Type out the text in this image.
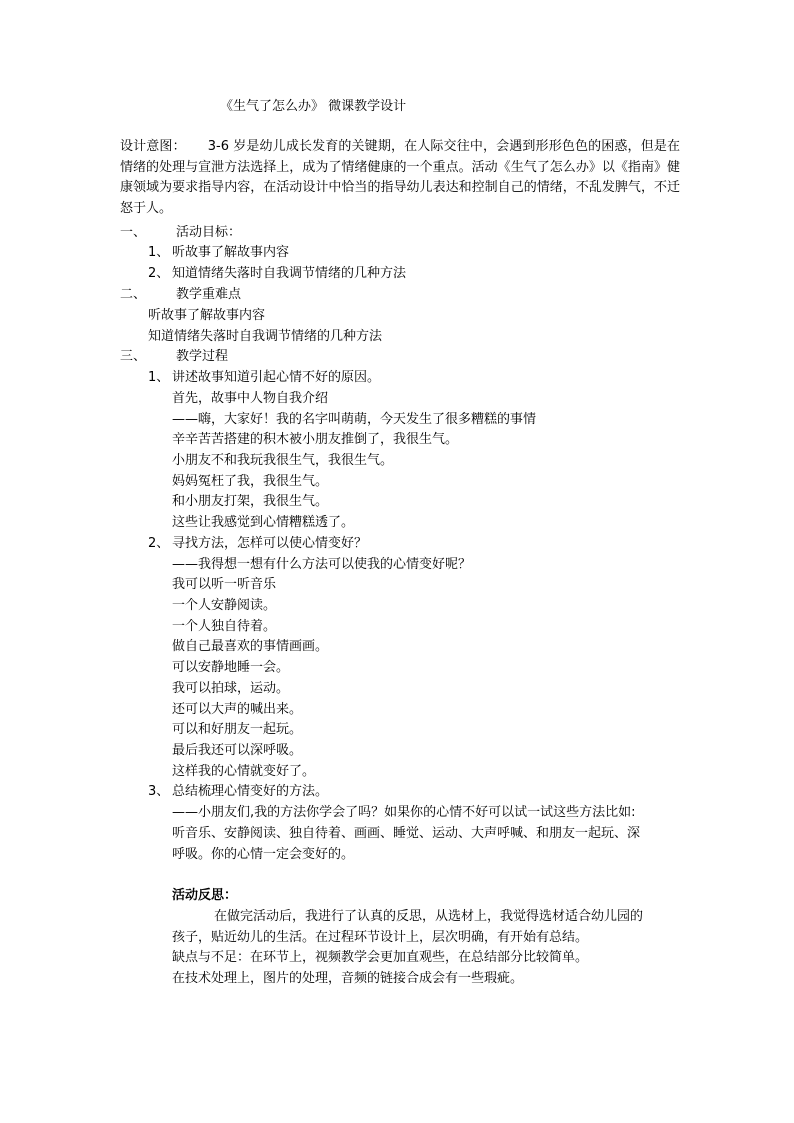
《生气了怎么办》 微课教学设计
设计意图： 3-6 岁是幼儿成长发育的关键期，在人际交往中，会遇到形形色色的困惑，但是在情绪的处理与宣泄方法选择上，成为了情绪健康的一个重点。活动《生气了怎么办》以《指南》健康领域为要求指导内容，在活动设计中恰当的指导幼儿表达和控制自己的情绪，不乱发脾气，不迁怒于人。
一、 活动目标：
1、 听故事了解故事内容
2、 知道情绪失落时自我调节情绪的几种方法
二、 教学重难点
听故事了解故事内容
知道情绪失落时自我调节情绪的几种方法
三、 教学过程
1、 讲述故事知道引起心情不好的原因。
首先，故事中人物自我介绍
——嗨，大家好！我的名字叫萌萌，今天发生了很多糟糕的事情
辛辛苦苦搭建的积木被小朋友推倒了，我很生气。
小朋友不和我玩我很生气，我很生气。
妈妈冤枉了我，我很生气。
和小朋友打架，我很生气。
这些让我感觉到心情糟糕透了。
2、 寻找方法，怎样可以使心情变好？
——我得想一想有什么方法可以使我的心情变好呢？
我可以听一听音乐
一个人安静阅读。
一个人独自待着。
做自己最喜欢的事情画画。
可以安静地睡一会。
我可以拍球，运动。
还可以大声的喊出来。
可以和好朋友一起玩。
最后我还可以深呼吸。
这样我的心情就变好了。
3、 总结梳理心情变好的方法。
——小朋友们,我的方法你学会了吗？如果你的心情不好可以试一试这些方法比如:
听音乐、安静阅读、独自待着、画画、睡觉、运动、大声呼喊、和朋友一起玩、深
呼吸。你的心情一定会变好的。
活动反思：
在做完活动后，我进行了认真的反思，从选材上，我觉得选材适合幼儿园的
孩子，贴近幼儿的生活。在过程环节设计上，层次明确，有开始有总结。
缺点与不足：在环节上，视频教学会更加直观些，在总结部分比较简单。
在技术处理上，图片的处理，音频的链接合成会有一些瑕疵。
